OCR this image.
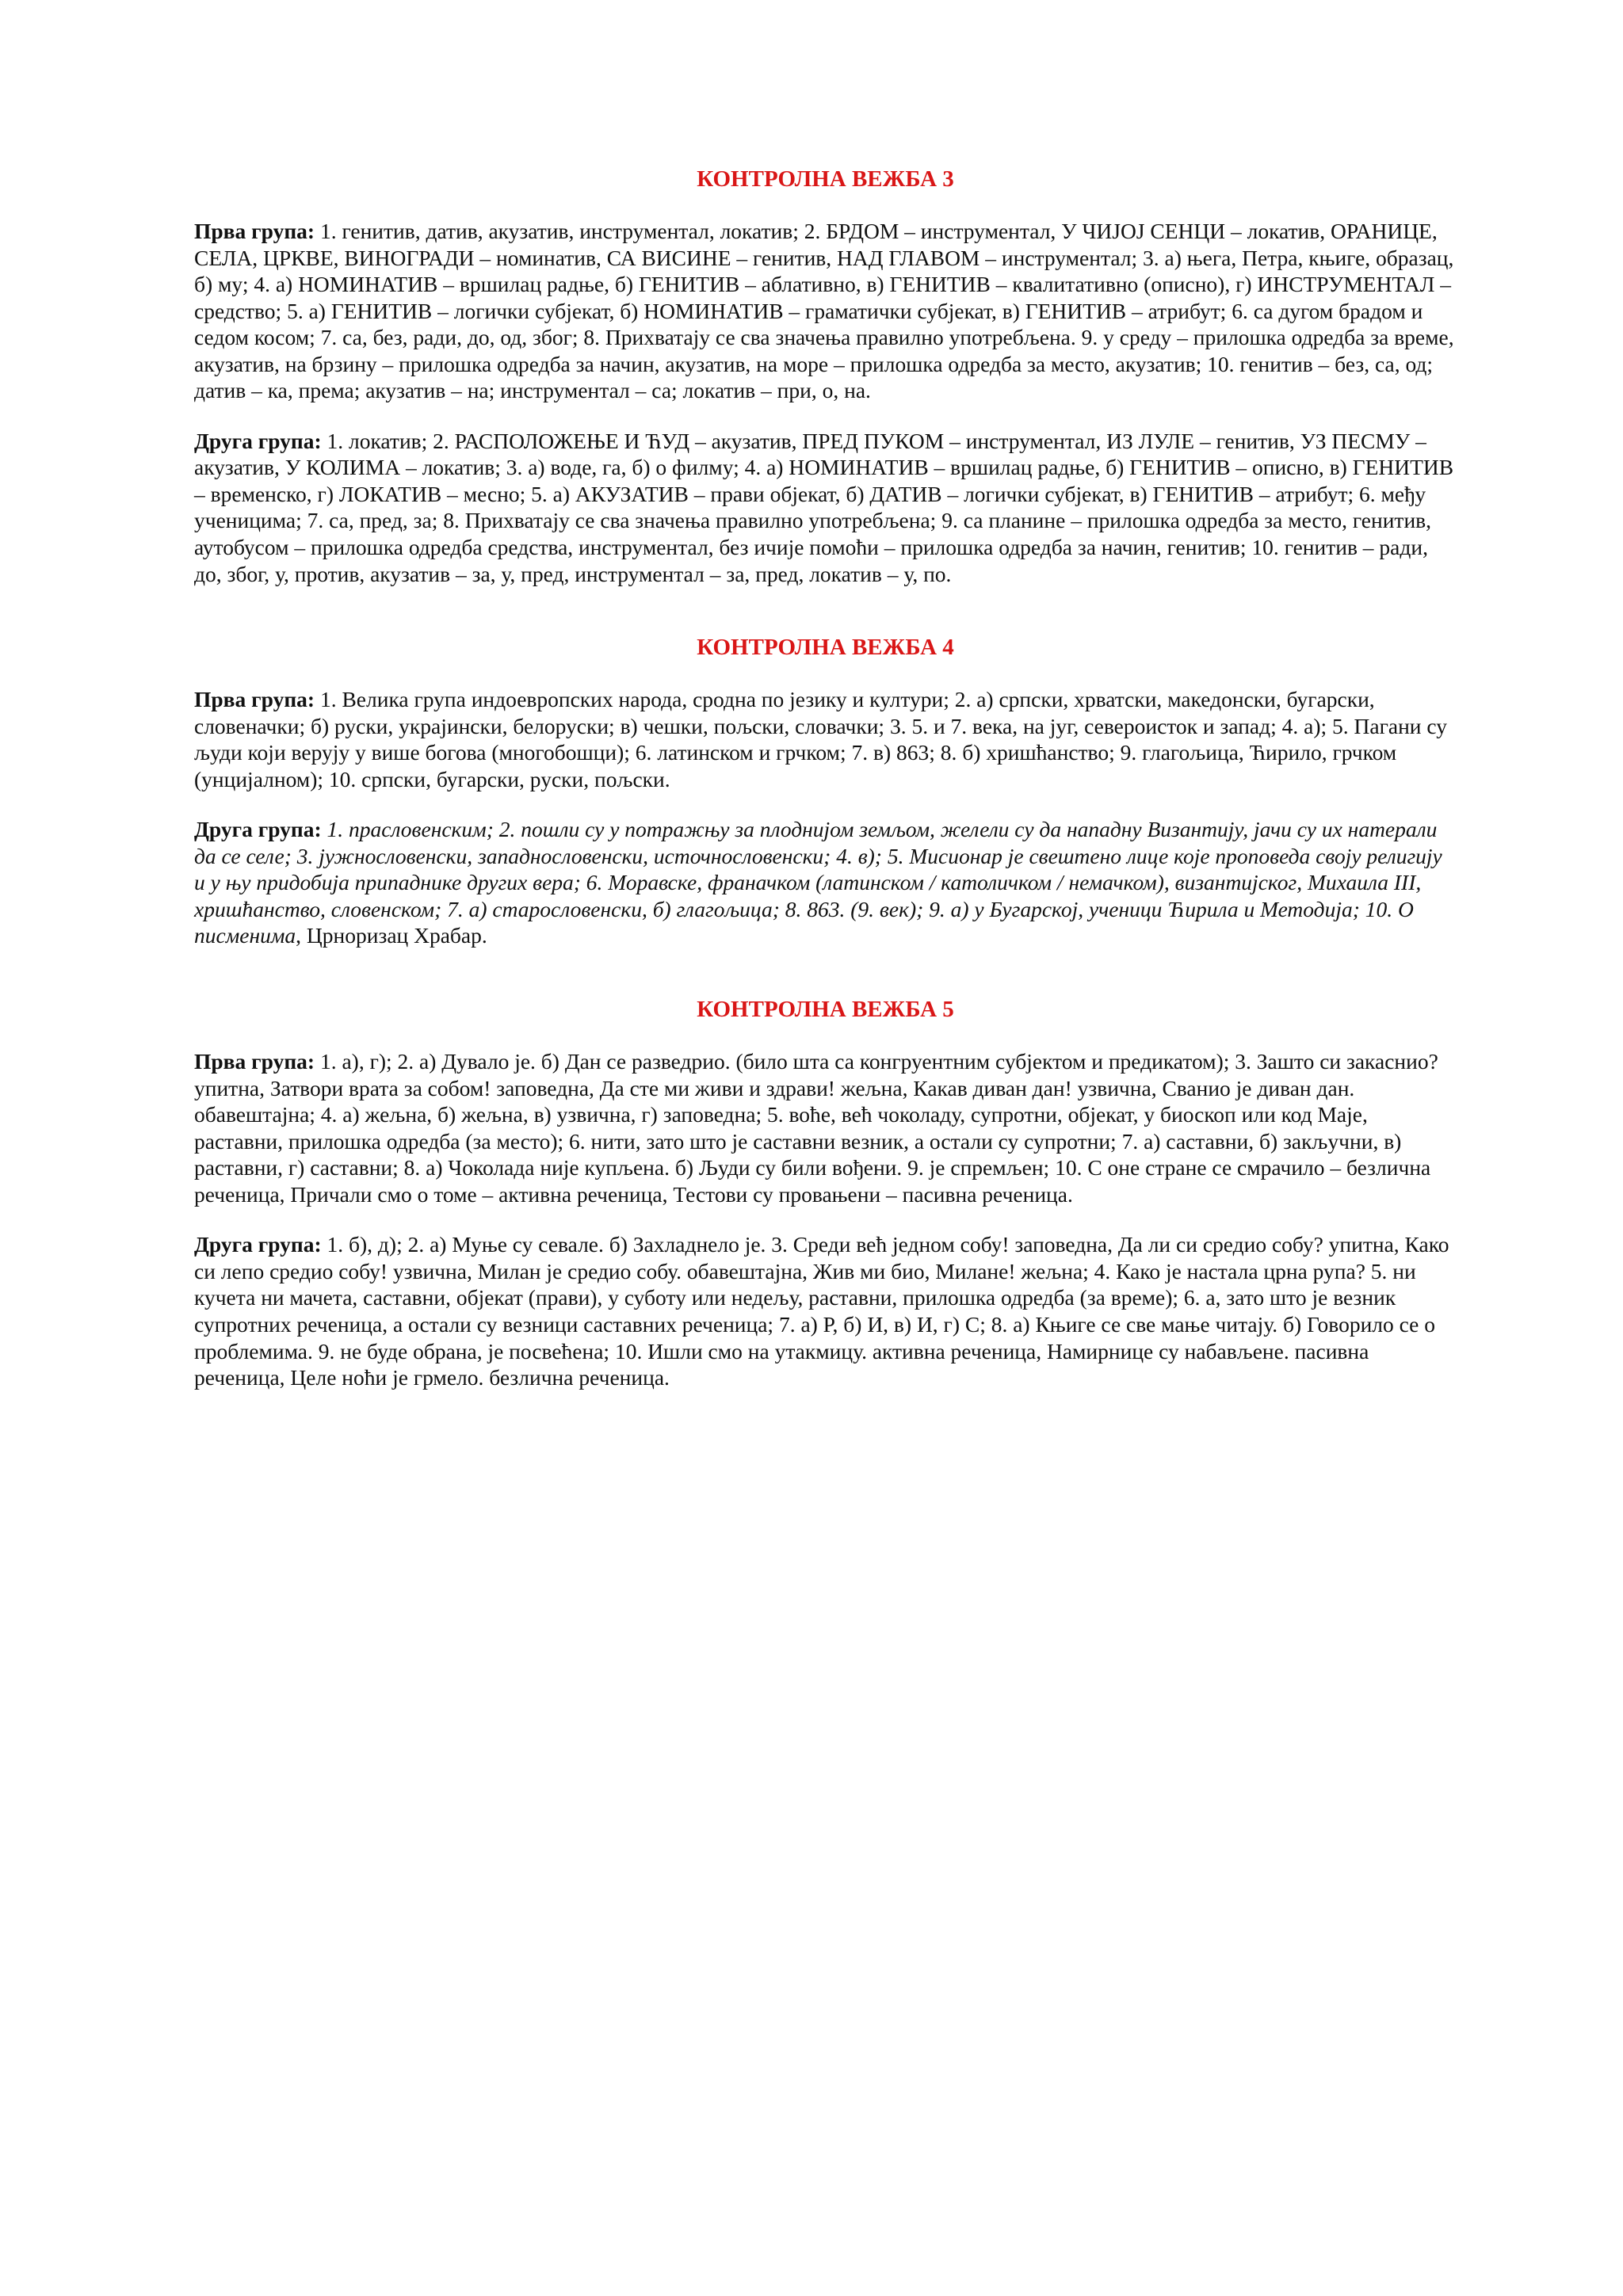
КОНТРОЛНА ВЕЖБА 3

Прва група: 1. генитив, датив, акузатив, инструментал, локатив; 2. БРДОМ – инструментал, У ЧИЈОЈ СЕНЦИ – локатив, ОРАНИЦЕ, СЕЛА, ЦРКВЕ, ВИНОГРАДИ – номинатив, СА ВИСИНЕ – генитив, НАД ГЛАВОМ – инструментал; 3. а) њега, Петра, књиге, образац, б) му; 4. а) НОМИНАТИВ – вршилац радње, б) ГЕНИТИВ – аблативно, в) ГЕНИТИВ – квалитативно (описно), г) ИНСТРУМЕНТАЛ – средство; 5. а) ГЕНИТИВ – логички субјекат, б) НОМИНАТИВ – граматички субјекат, в) ГЕНИТИВ – атрибут; 6. са дугом брадом и седом косом; 7. са, без, ради, до, од, због; 8. Прихватају се сва значења правилно употребљена. 9. у среду – прилошка одредба за време, акузатив, на брзину – прилошка одредба за начин, акузатив, на море – прилошка одредба за место, акузатив; 10. генитив – без, са, од; датив – ка, према; акузатив – на; инструментал – са; локатив – при, о, на.

Друга група: 1. локатив; 2. РАСПОЛОЖЕЊЕ И ЋУД – акузатив, ПРЕД ПУКОМ – инструментал, ИЗ ЛУЛЕ – генитив, УЗ ПЕСМУ – акузатив, У КОЛИМА – локатив; 3. а) воде, га, б) о филму; 4. а) НОМИНАТИВ – вршилац радње, б) ГЕНИТИВ – описно, в) ГЕНИТИВ – временско, г) ЛОКАТИВ – месно; 5. а) АКУЗАТИВ – прави објекат, б) ДАТИВ – логички субјекат, в) ГЕНИТИВ – атрибут; 6. међу ученицима; 7. са, пред, за; 8. Прихватају се сва значења правилно употребљена; 9. са планине – прилошка одредба за место, генитив, аутобусом – прилошка одредба средства, инструментал, без ичије помоћи – прилошка одредба за начин, генитив; 10. генитив – ради, до, због, у, против, акузатив – за, у, пред, инструментал – за, пред, локатив – у, по.

КОНТРОЛНА ВЕЖБА 4

Прва група: 1. Велика група индоевропских народа, сродна по језику и култури; 2. а) српски, хрватски, македонски, бугарски, словеначки; б) руски, украјински, белоруски; в) чешки, пољски, словачки; 3. 5. и 7. века, на југ, североисток и запад; 4. а); 5. Пагани су људи који верују у више богова (многобошци); 6. латинском и грчком; 7. в) 863; 8. б) хришћанство; 9. глагољица, Ћирило, грчком (унцијалном); 10. српски, бугарски, руски, пољски.

Друга група: 1. прасловенским; 2. пошли су у потражњу за плоднијом земљом, желели су да нападну Византију, јачи су их натерали да се селе; 3. јужнословенски, западнословенски, источнословенски; 4. в); 5. Мисионар је свештено лице које проповеда своју религију и у њу придобија припаднике других вера; 6. Моравске, франачком (латинском / католичком / немачком), византијског, Михаила III, хришћанство, словенском; 7. а) старословенски, б) глагољица; 8. 863. (9. век); 9. а) у Бугарској, ученици Ћирила и Методија; 10. О писменима, Црноризац Храбар.

КОНТРОЛНА ВЕЖБА 5

Прва група: 1. а), г); 2. а) Дувало је. б) Дан се разведрио. (било шта са конгруентним субјектом и предикатом); 3. Зашто си закаснио? упитна, Затвори врата за собом! заповедна, Да сте ми живи и здрави! жељна, Какав диван дан! узвична, Сванио је диван дан. обавештајна; 4. а) жељна, б) жељна, в) узвична, г) заповедна; 5. воће, већ чоколаду, супротни, објекат, у биоскоп или код Маје, раставни, прилошка одредба (за место); 6. нити, зато што је саставни везник, а остали су супротни; 7. а) саставни, б) закључни, в) раставни, г) саставни; 8. а) Чоколада није купљена. б) Људи су били вођени. 9. је спремљен; 10. С оне стране се смрачило – безлична реченица, Причали смо о томе – активна реченица, Тестови су провањени – пасивна реченица.

Друга група: 1. б), д); 2. а) Муње су севале. б) Захладнело је. 3. Среди већ једном собу! заповедна, Да ли си средио собу? упитна, Како си лепо средио собу! узвична, Милан је средио собу. обавештајна, Жив ми био, Милане! жељна; 4. Како је настала црна рупа? 5. ни кучета ни мачета, саставни, објекат (прави), у суботу или недељу, раставни, прилошка одредба (за време); 6. а, зато што је везник супротних реченица, а остали су везници саставних реченица; 7. а) Р, б) И, в) И, г) С; 8. а) Књиге се све мање читају. б) Говорило се о проблемима. 9. не буде обрана, је посвећена; 10. Ишли смо на утакмицу. активна реченица, Намирнице су набављене. пасивна реченица, Целе ноћи је грмело. безлична реченица.
